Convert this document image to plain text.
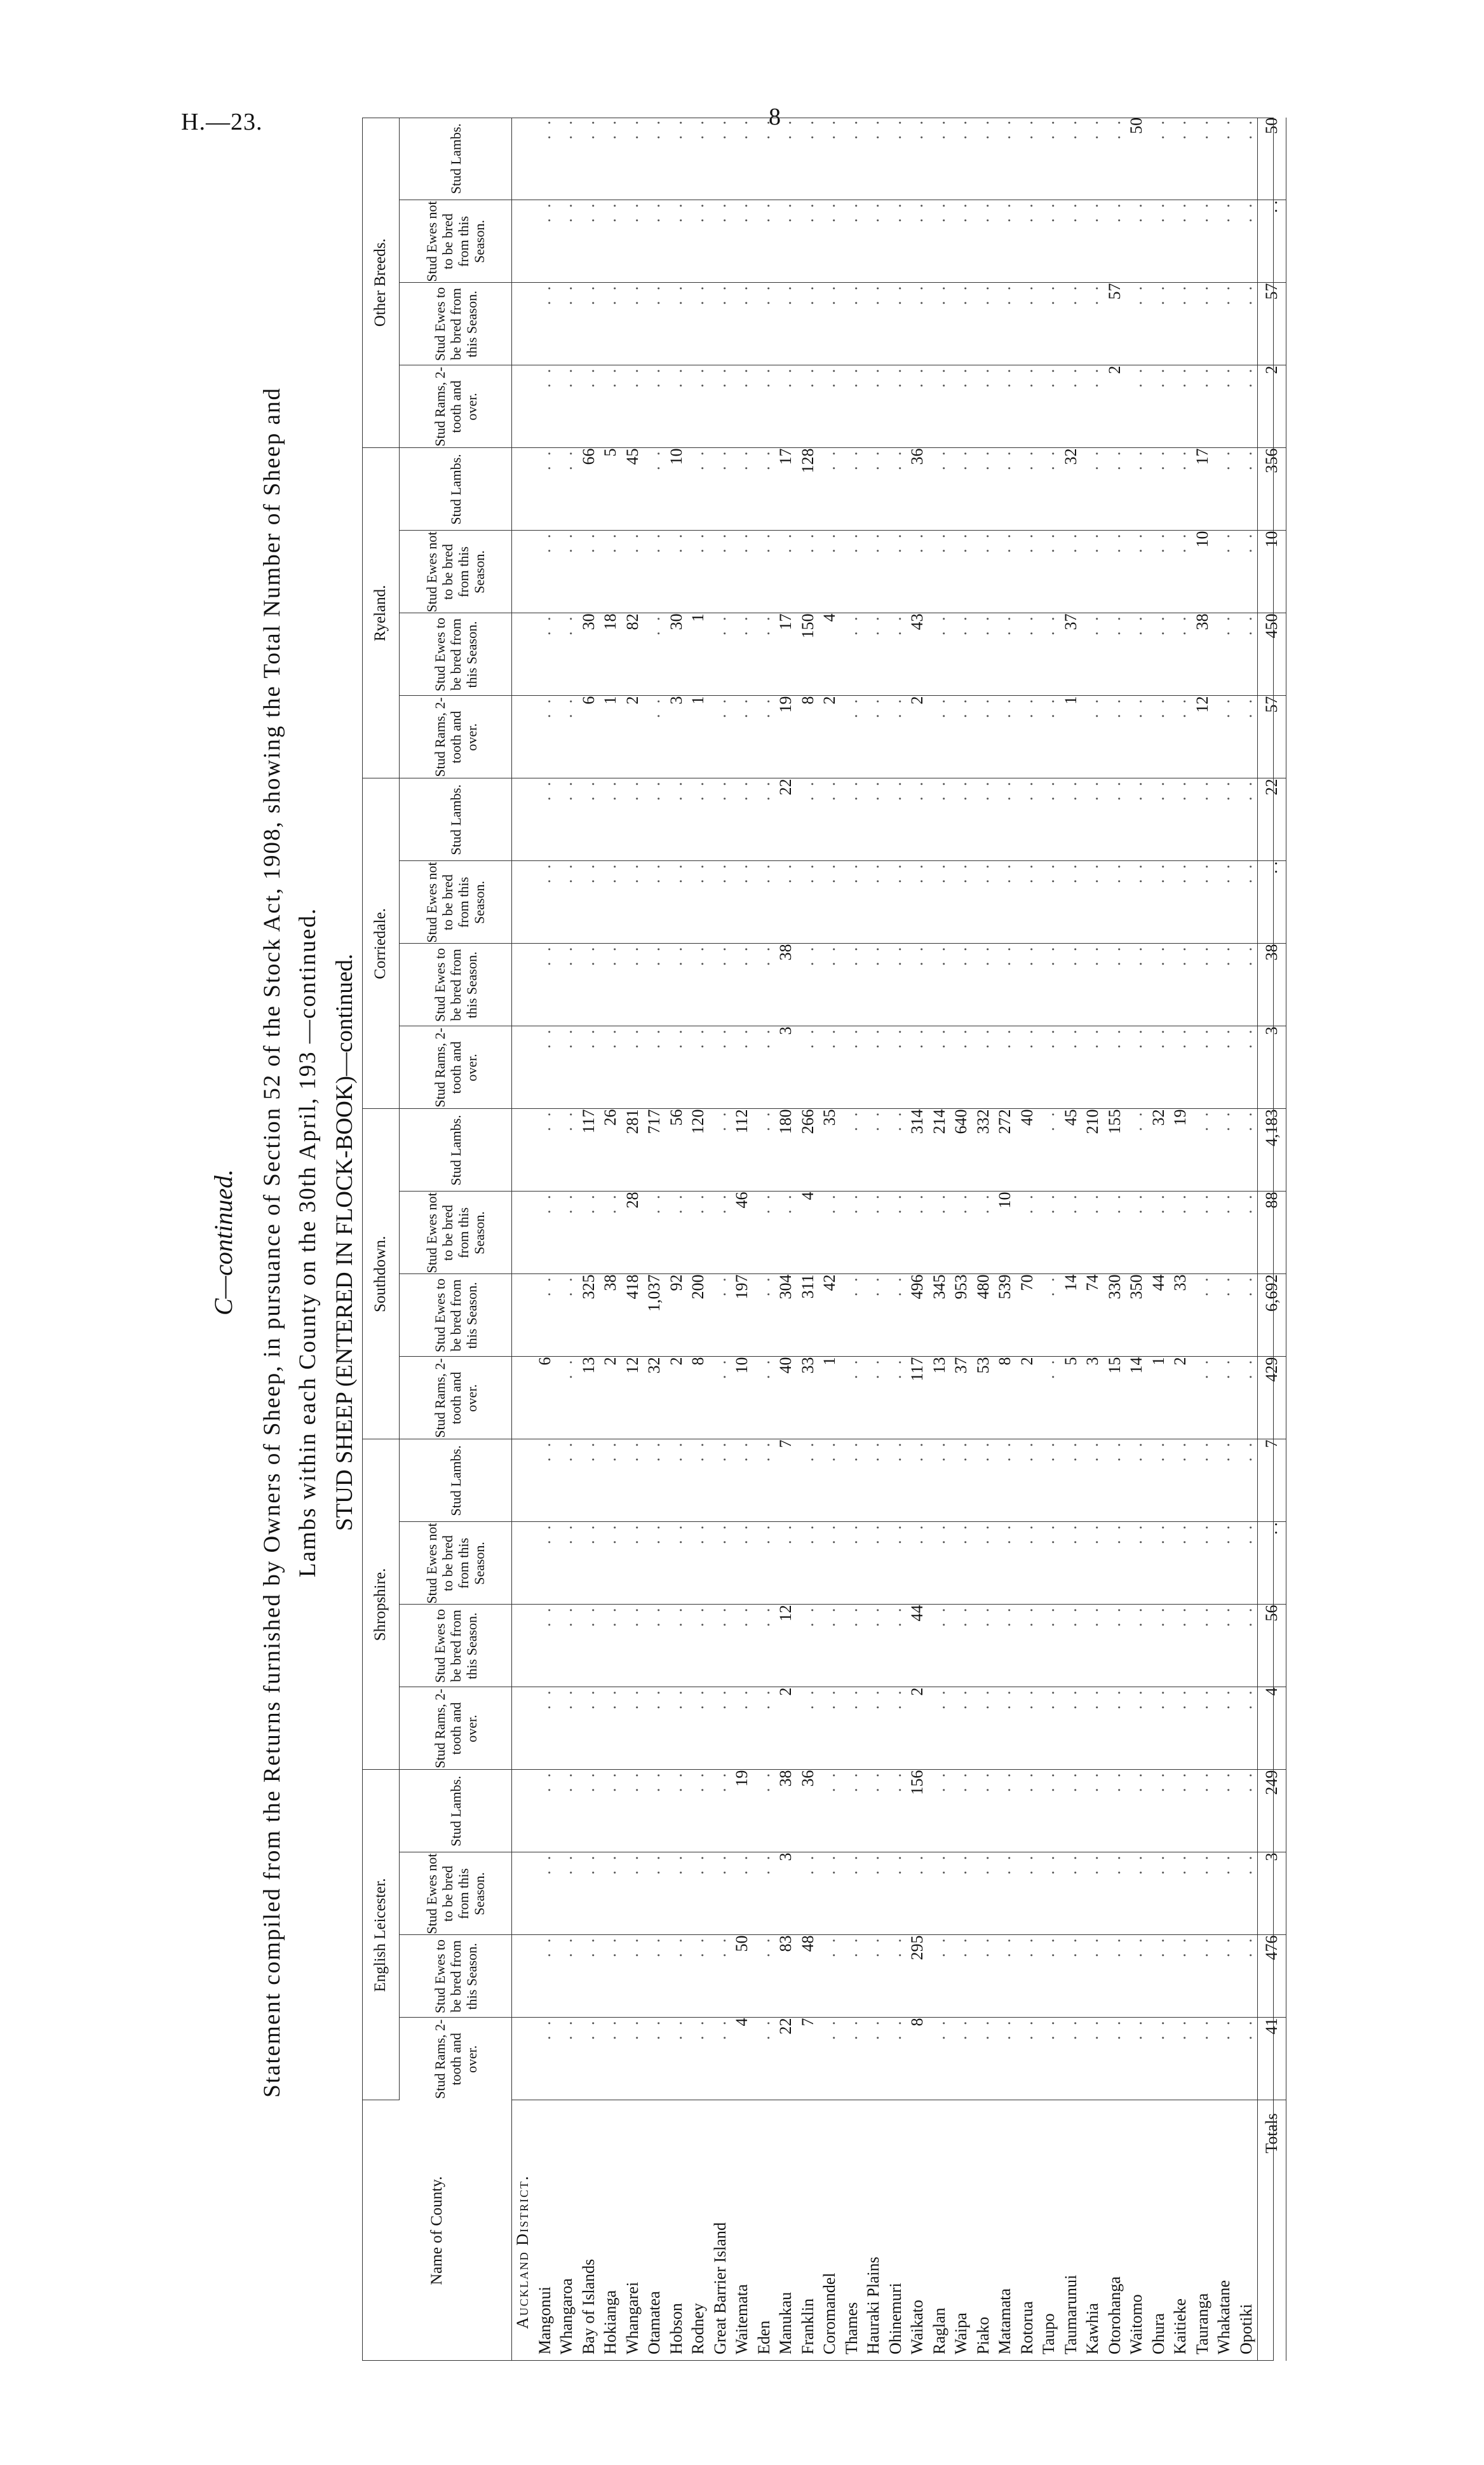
H.—23.	8
C—continued. Statement compiled from the Returns furnished by Owners of Sheep, in pursuance of Section 52 of the Stock Act, 1908, showing the Total Number of Sheep and Lambs within each County on the 30th April, 193 —continued. STUD SHEEP (ENTERED IN FLOCK-BOOK)—continued.
Name of County.	English Leicester.				Shropshire.				Southdown.				Corriedale.				Ryeland.				Other Breeds.			
	Stud Rams, 2-tooth and over.	Stud Ewes to be bred from this Season.	Stud Ewes not to be bred from this Season.	Stud Lambs.	Stud Rams, 2-tooth and over.	Stud Ewes to be bred from this Season.	Stud Ewes not to be bred from this Season.	Stud Lambs.	Stud Rams, 2-tooth and over.	Stud Ewes to be bred from this Season.	Stud Ewes not to be bred from this Season.	Stud Lambs.	Stud Rams, 2-tooth and over.	Stud Ewes to be bred from this Season.	Stud Ewes not to be bred from this Season.	Stud Lambs.	Stud Rams, 2-tooth and over.	Stud Ewes to be bred from this Season.	Stud Ewes not to be bred from this Season.	Stud Lambs.	Stud Rams, 2-tooth and over.	Stud Ewes to be bred from this Season.	Stud Ewes not to be bred from this Season.	Stud Lambs.
Auckland District.																								
Mangonui	. .	. .	. .	. .	. .	. .	. .	. .	6	. .	. .	. .	. .	. .	. .	. .	. .	. .	. .	. .	. .	. .	. .	. .
Whangaroa	. .	. .	. .	. .	. .	. .	. .	. .	. .	. .	. .	. .	. .	. .	. .	. .	. .	. .	. .	. .	. .	. .	. .	. .
Bay of Islands	. .	. .	. .	. .	. .	. .	. .	. .	13	325	. .	117	. .	. .	. .	. .	6	30	. .	66	. .	. .	. .	. .
Hokianga	. .	. .	. .	. .	. .	. .	. .	. .	2	38	. .	26	. .	. .	. .	. .	1	18	. .	5	. .	. .	. .	. .
Whangarei	. .	. .	. .	. .	. .	. .	. .	. .	12	418	28	281	. .	. .	. .	. .	2	82	. .	45	. .	. .	. .	. .
Otamatea	. .	. .	. .	. .	. .	. .	. .	. .	32	1,037	. .	717	. .	. .	. .	. .	. .	. .	. .	. .	. .	. .	. .	. .
Hobson	. .	. .	. .	. .	. .	. .	. .	. .	2	92	. .	56	. .	. .	. .	. .	3	30	. .	10	. .	. .	. .	. .
Rodney	. .	. .	. .	. .	. .	. .	. .	. .	8	200	. .	120	. .	. .	. .	. .	1	1	. .	. .	. .	. .	. .	. .
Great Barrier Island	. .	. .	. .	. .	. .	. .	. .	. .	. .	. .	. .	. .	. .	. .	. .	. .	. .	. .	. .	. .	. .	. .	. .	. .
Waitemata	4	50	. .	19	. .	. .	. .	. .	10	197	46	112	. .	. .	. .	. .	. .	. .	. .	. .	. .	. .	. .	. .
Eden	. .	. .	. .	. .	. .	. .	. .	. .	. .	. .	. .	. .	. .	. .	. .	. .	. .	. .	. .	. .	. .	. .	. .	. .
Manukau	22	83	3	38	2	12	. .	7	40	304	. .	180	3	38	. .	22	19	17	. .	17	. .	. .	. .	. .
Franklin	7	48	. .	36	. .	. .	. .	. .	33	311	4	266	. .	. .	. .	. .	8	150	. .	128	. .	. .	. .	. .
Coromandel	. .	. .	. .	. .	. .	. .	. .	. .	1	42	. .	35	. .	. .	. .	. .	2	4	. .	. .	. .	. .	. .	. .
Thames	. .	. .	. .	. .	. .	. .	. .	. .	. .	. .	. .	. .	. .	. .	. .	. .	. .	. .	. .	. .	. .	. .	. .	. .
Hauraki Plains	. .	. .	. .	. .	. .	. .	. .	. .	. .	. .	. .	. .	. .	. .	. .	. .	. .	. .	. .	. .	. .	. .	. .	. .
Ohinemuri	. .	. .	. .	. .	. .	. .	. .	. .	. .	. .	. .	. .	. .	. .	. .	. .	. .	. .	. .	. .	. .	. .	. .	. .
Waikato	8	295	. .	156	2	44	. .	. .	117	496	. .	314	. .	. .	. .	. .	2	43	. .	36	. .	. .	. .	. .
Raglan	. .	. .	. .	. .	. .	. .	. .	. .	13	345	. .	214	. .	. .	. .	. .	. .	. .	. .	. .	. .	. .	. .	. .
Waipa	. .	. .	. .	. .	. .	. .	. .	. .	37	953	. .	640	. .	. .	. .	. .	. .	. .	. .	. .	. .	. .	. .	. .
Piako	. .	. .	. .	. .	. .	. .	. .	. .	53	480	. .	332	. .	. .	. .	. .	. .	. .	. .	. .	. .	. .	. .	. .
Matamata	. .	. .	. .	. .	. .	. .	. .	. .	8	539	10	272	. .	. .	. .	. .	. .	. .	. .	. .	. .	. .	. .	. .
Rotorua	. .	. .	. .	. .	. .	. .	. .	. .	2	70	. .	40	. .	. .	. .	. .	. .	. .	. .	. .	. .	. .	. .	. .
Taupo	. .	. .	. .	. .	. .	. .	. .	. .	. .	. .	. .	. .	. .	. .	. .	. .	. .	. .	. .	. .	. .	. .	. .	. .
Taumarunui	. .	. .	. .	. .	. .	. .	. .	. .	5	14	. .	45	. .	. .	. .	. .	1	37	. .	32	. .	. .	. .	. .
Kawhia	. .	. .	. .	. .	. .	. .	. .	. .	3	74	. .	210	. .	. .	. .	. .	. .	. .	. .	. .	. .	. .	. .	. .
Otorohanga	. .	. .	. .	. .	. .	. .	. .	. .	15	330	. .	155	. .	. .	. .	. .	. .	. .	. .	. .	2	57	. .	. .
Waitomo	. .	. .	. .	. .	. .	. .	. .	. .	14	350	. .	. .	. .	. .	. .	. .	. .	. .	. .	. .	. .	. .	. .	50
Ohura	. .	. .	. .	. .	. .	. .	. .	. .	1	44	. .	32	. .	. .	. .	. .	. .	. .	. .	. .	. .	. .	. .	. .
Kaitieke	. .	. .	. .	. .	. .	. .	. .	. .	2	33	. .	19	. .	. .	. .	. .	. .	. .	. .	. .	. .	. .	. .	. .
Tauranga	. .	. .	. .	. .	. .	. .	. .	. .	. .	. .	. .	. .	. .	. .	. .	. .	12	38	10	17	. .	. .	. .	. .
Whakatane	. .	. .	. .	. .	. .	. .	. .	. .	. .	. .	. .	. .	. .	. .	. .	. .	. .	. .	. .	. .	. .	. .	. .	. .
Opotiki	. .	. .	. .	. .	. .	. .	. .	. .	. .	. .	. .	. .	. .	. .	. .	. .	. .	. .	. .	. .	. .	. .	. .	. .
Totals	41	476	3	249	4	56	. .	7	429	6,692	88	4,183	3	38	. .	22	57	450	10	356	2	57	. .	50
